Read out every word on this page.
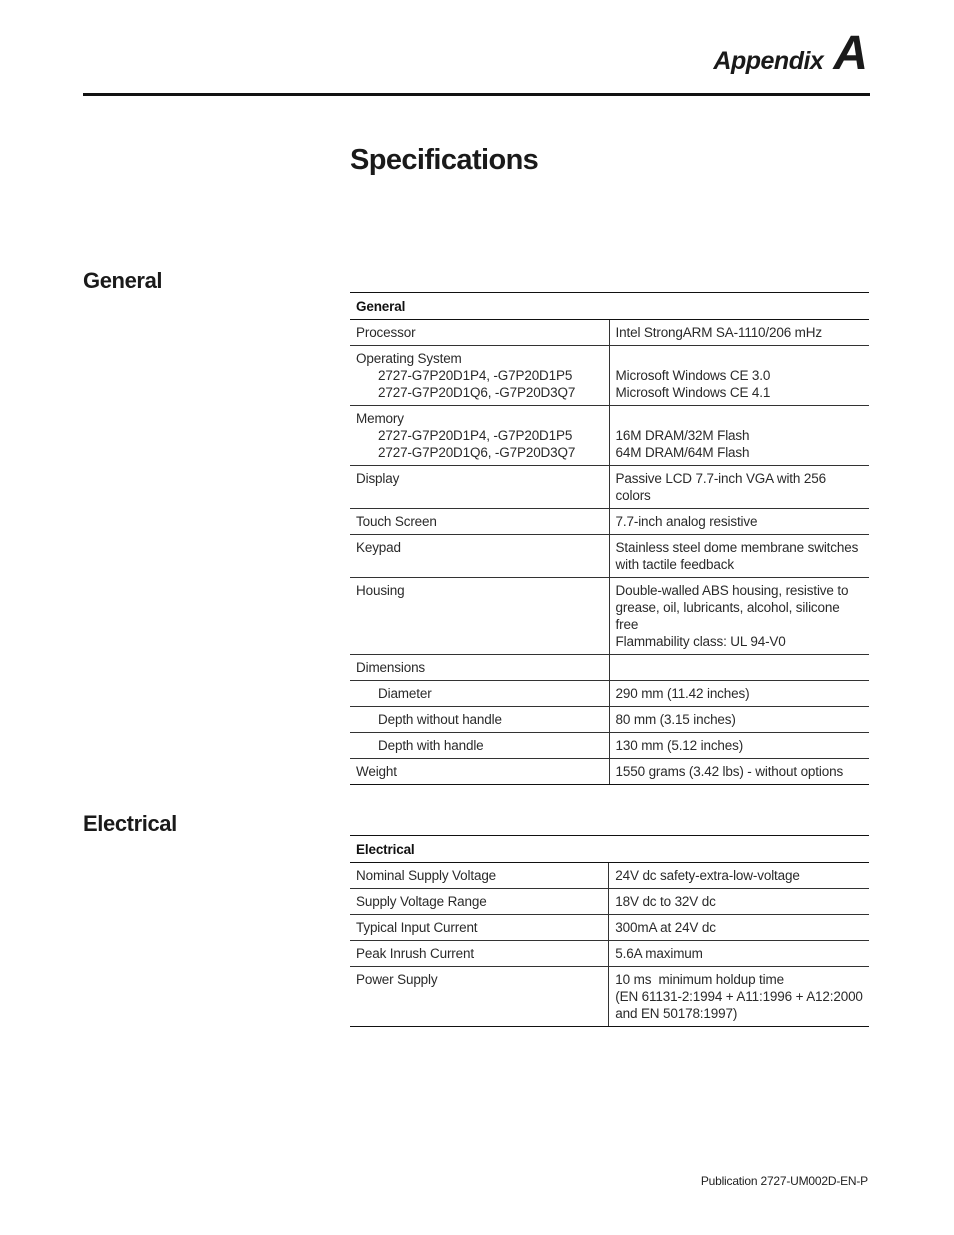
Appendix A
Specifications
General
General	
Processor	Intel StrongARM SA-1110/206 mHz

Operating System
2727-G7P20D1P4, -G7P20D1P5
2727-G7P20D1Q6, -G7P20D3Q7	Microsoft Windows CE 3.0
Microsoft Windows CE 4.1

Memory
2727-G7P20D1P4, -G7P20D1P5
2727-G7P20D1Q6, -G7P20D3Q7	16M DRAM/32M Flash
64M DRAM/64M Flash

Display	Passive LCD 7.7-inch VGA with 256 colors
Touch Screen	7.7-inch analog resistive
Keypad	Stainless steel dome membrane switches
with tactile feedback

Housing	Double-walled ABS housing, resistive to
grease, oil, lubricants, alcohol, silicone free
Flammability class: UL 94-V0

Dimensions	

Diameter	290 mm (11.42 inches)

Depth without handle	80 mm (3.15 inches)

Depth with handle	130 mm (5.12 inches)
Weight	1550 grams (3.42 lbs) - without options
Electrical
Electrical	
Nominal Supply Voltage	24V dc safety-extra-low-voltage
Supply Voltage Range	18V dc to 32V dc
Typical Input Current	300mA at 24V dc
Peak Inrush Current	5.6A maximum
Power Supply	10 ms  minimum holdup time
(EN 61131-2:1994 + A11:1996 + A12:2000
and EN 50178:1997)
Publication 2727-UM002D-EN-P
